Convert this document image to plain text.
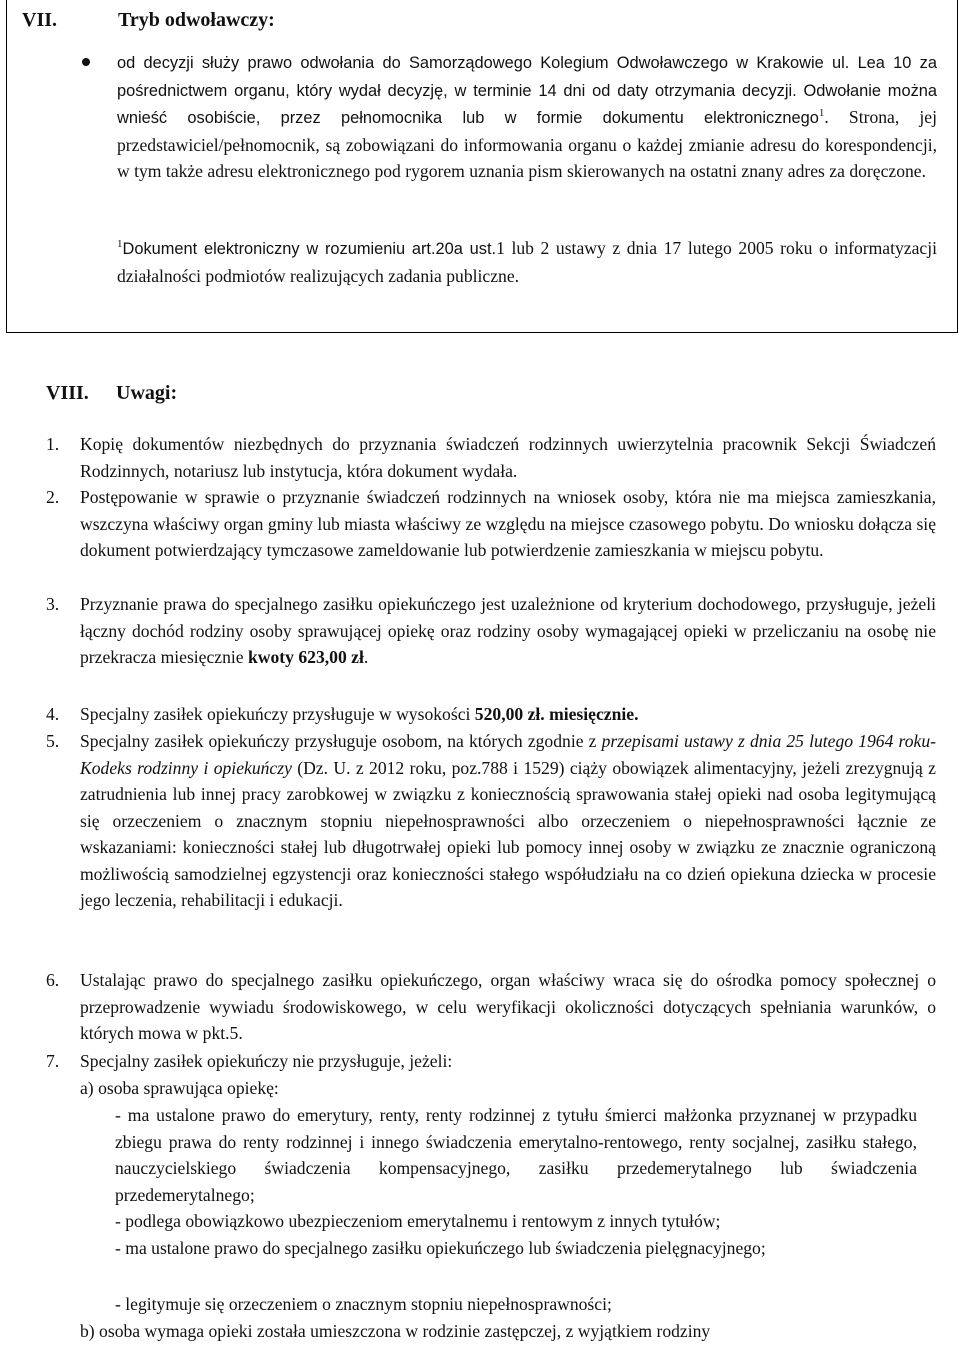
VII.	Tryb odwoławczy:
od decyzji służy prawo odwołania do Samorządowego Kolegium Odwoławczego w Krakowie ul. Lea 10 za pośrednictwem organu, który wydał decyzję, w terminie 14 dni od daty otrzymania decyzji. Odwołanie można wnieść osobiście, przez pełnomocnika lub w formie dokumentu elektronicznego$^1$. Strona, jej przedstawiciel/pełnomocnik, są zobowiązani do informowania organu o każdej zmianie adresu do korespondencji, w tym także adresu elektronicznego pod rygorem uznania pism skierowanych na ostatni znany adres za doręczone.
$^1$Dokument elektroniczny w rozumieniu art.20a ust.1 lub 2 ustawy z dnia 17 lutego 2005 roku o informatyzacji działalności podmiotów realizujących zadania publiczne.
VIII. Uwagi:
1. Kopię dokumentów niezbędnych do przyznania świadczeń rodzinnych uwierzytelnia pracownik Sekcji Świadczeń Rodzinnych, notariusz lub instytucja, która dokument wydała.
2. Postępowanie w sprawie o przyznanie świadczeń rodzinnych na wniosek osoby, która nie ma miejsca zamieszkania, wszczyna właściwy organ gminy lub miasta właściwy ze względu na miejsce czasowego pobytu. Do wniosku dołącza się dokument potwierdzający tymczasowe zameldowanie lub potwierdzenie zamieszkania w miejscu pobytu.
3. Przyznanie prawa do specjalnego zasiłku opiekuńczego jest uzależnione od kryterium dochodowego, przysługuje, jeżeli łączny dochód rodziny osoby sprawującej opiekę oraz rodziny osoby wymagającej opieki w przeliczaniu na osobę nie przekracza miesięcznie kwoty 623,00 zł.
4. Specjalny zasiłek opiekuńczy przysługuje w wysokości 520,00 zł. miesięcznie.
5. Specjalny zasiłek opiekuńczy przysługuje osobom, na których zgodnie z przepisami ustawy z dnia 25 lutego 1964 roku- Kodeks rodzinny i opiekuńczy (Dz. U. z 2012 roku, poz.788 i 1529) ciąży obowiązek alimentacyjny, jeżeli zrezygnują z zatrudnienia lub innej pracy zarobkowej w związku z koniecznością sprawowania stałej opieki nad osoba legitymującą się orzeczeniem o znacznym stopniu niepełnosprawności albo orzeczeniem o niepełnosprawności łącznie ze wskazaniami: konieczności stałej lub długotrwałej opieki lub pomocy innej osoby w związku ze znacznie ograniczoną możliwością samodzielnej egzystencji oraz konieczności stałego współudziału na co dzień opiekuna dziecka w procesie jego leczenia, rehabilitacji i edukacji.
6. Ustalając prawo do specjalnego zasiłku opiekuńczego, organ właściwy wraca się do ośrodka pomocy społecznej o przeprowadzenie wywiadu środowiskowego, w celu weryfikacji okoliczności dotyczących spełniania warunków, o których mowa w pkt.5.
7. Specjalny zasiłek opiekuńczy nie przysługuje, jeżeli:
a) osoba sprawująca opiekę:
- ma ustalone prawo do emerytury, renty, renty rodzinnej z tytułu śmierci małżonka przyznanej w przypadku zbiegu prawa do renty rodzinnej i innego świadczenia emerytalno-rentowego, renty socjalnej, zasiłku stałego, nauczycielskiego świadczenia kompensacyjnego, zasiłku przedemerytalnego lub świadczenia przedemerytalnego;
- podlega obowiązkowo ubezpieczeniom emerytalnemu i rentowym z innych tytułów;
- ma ustalone prawo do specjalnego zasiłku opiekuńczego lub świadczenia pielęgnacyjnego;
- legitymuje się orzeczeniem o znacznym stopniu niepełnosprawności;
b) osoba wymaga opieki została umieszczona w rodzinie zastępczej, z wyjątkiem rodziny
